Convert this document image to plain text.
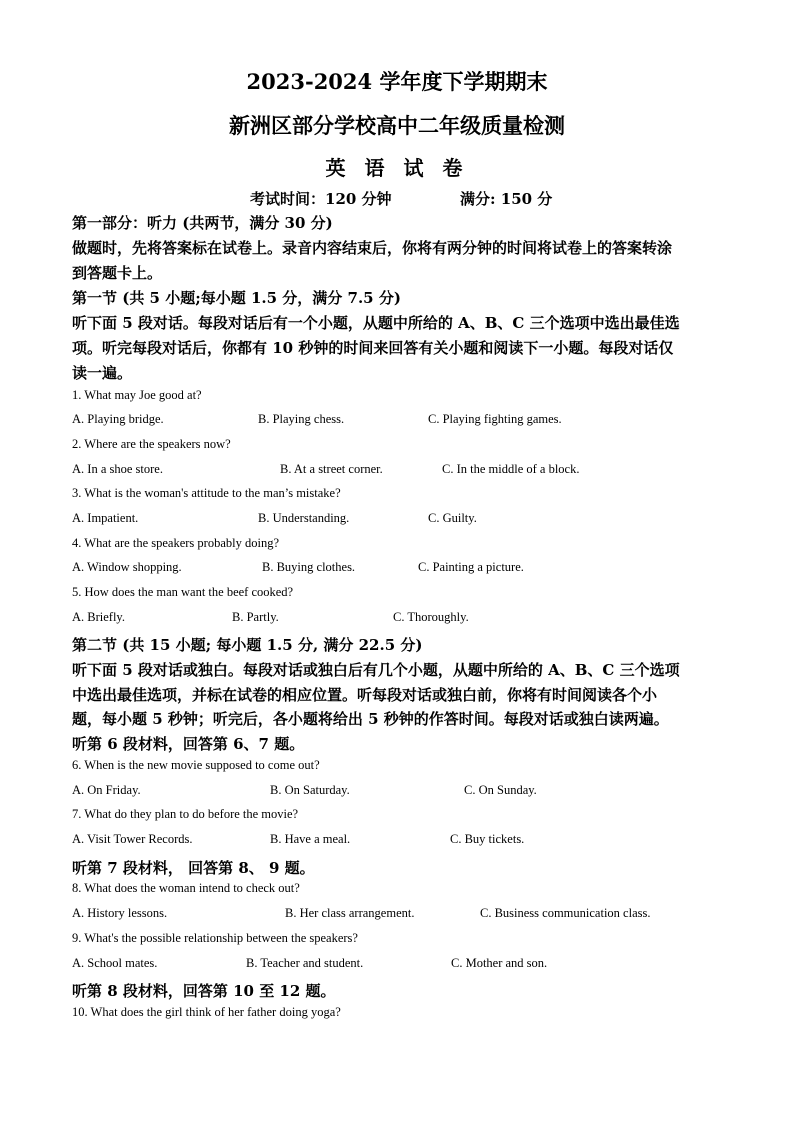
2023-2024 学年度下学期期末
新洲区部分学校高中二年级质量检测
英 语 试 卷
考试时间：120 分钟	满分: 150 分
第一部分：听力 (共两节，满分 30 分)
做题时，先将答案标在试卷上。录音内容结束后，你将有两分钟的时间将试卷上的答案转涂
到答题卡上。
第一节 (共 5 小题;每小题 1.5 分，满分 7.5 分)
听下面 5 段对话。每段对话后有一个小题，从题中所给的 A、B、C 三个选项中选出最佳选
项。听完每段对话后，你都有 10 秒钟的时间来回答有关小题和阅读下一小题。每段对话仅
读一遍。
1. What may Joe good at?
A. Playing bridge.	B. Playing chess.	C. Playing fighting games.
2. Where are the speakers now?
A. In a shoe store.	B. At a street corner.	C. In the middle of a block.
3. What is the woman's attitude to the man’s mistake?
A. Impatient.	B. Understanding.	C. Guilty.
4. What are the speakers probably doing?
A. Window shopping.	B. Buying clothes.	C. Painting a picture.
5. How does the man want the beef cooked?
A. Briefly.	B. Partly.	C. Thoroughly.
第二节 (共 15 小题; 每小题 1.5 分, 满分 22.5 分)
听下面 5 段对话或独白。每段对话或独白后有几个小题，从题中所给的 A、B、C 三个选项
中选出最佳选项，并标在试卷的相应位置。听每段对话或独白前，你将有时间阅读各个小
题，每小题 5 秒钟；听完后，各小题将给出 5 秒钟的作答时间。每段对话或独白读两遍。
听第 6 段材料，回答第 6、7 题。
6. When is the new movie supposed to come out?
A. On Friday.	B. On Saturday.	C. On Sunday.
7. What do they plan to do before the movie?
A. Visit Tower Records.	B. Have a meal.	C. Buy tickets.
听第 7 段材料， 回答第 8、 9 题。
8. What does the woman intend to check out?
A. History lessons.	B. Her class arrangement.	C. Business communication class.
9. What's the possible relationship between the speakers?
A. School mates.	B. Teacher and student.	C. Mother and son.
听第 8 段材料，回答第 10 至 12 题。
10. What does the girl think of her father doing yoga?
